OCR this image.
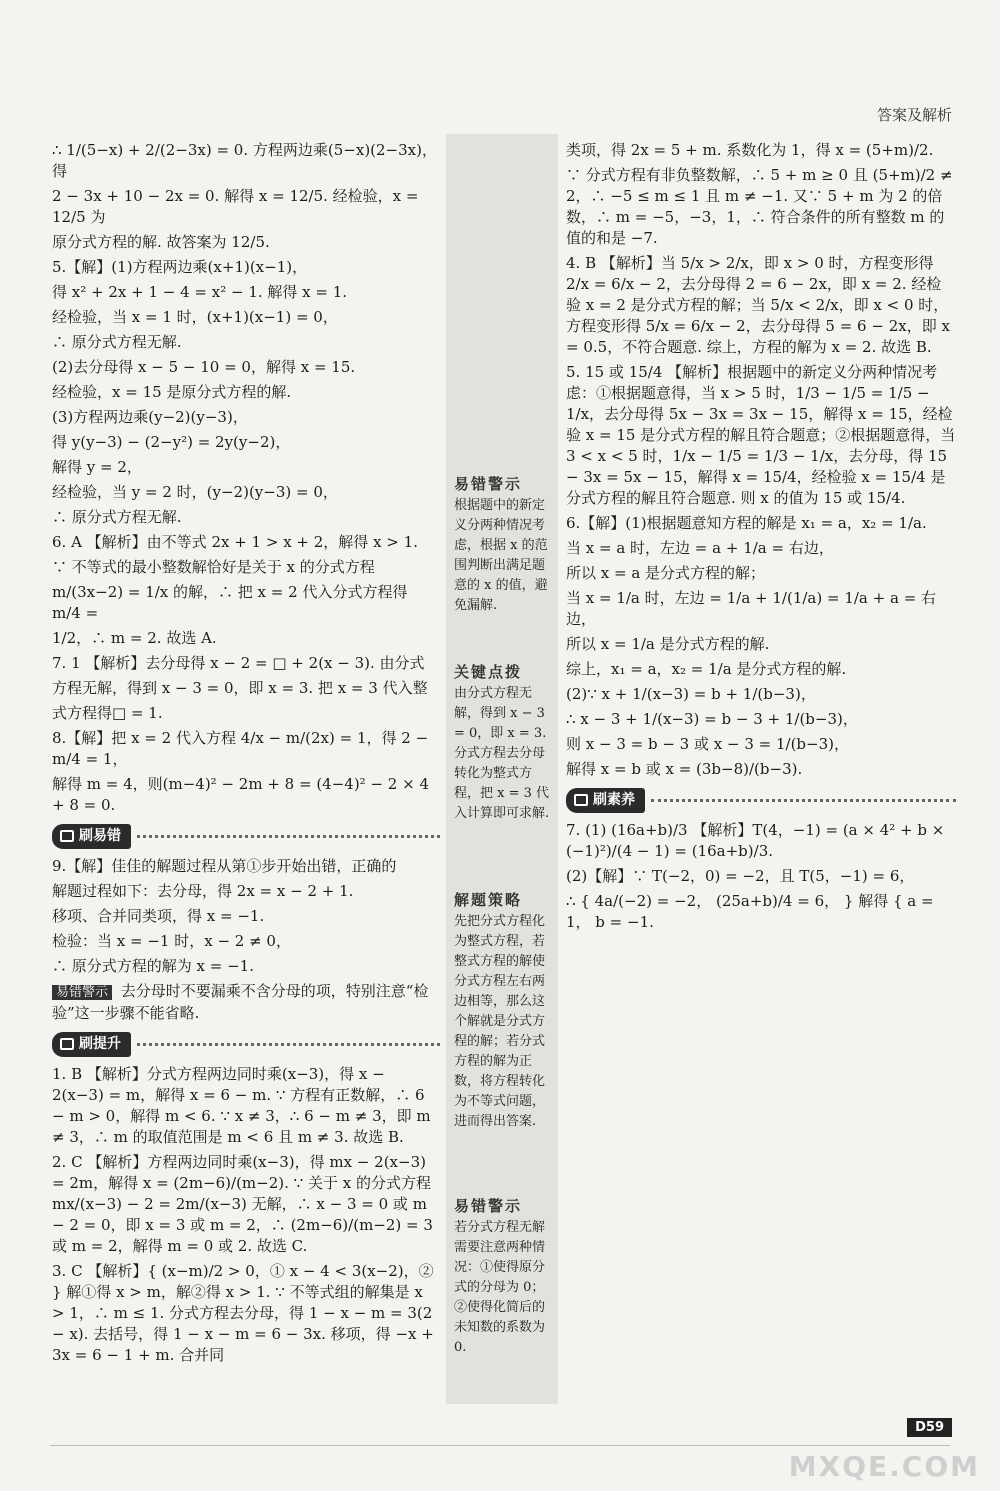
答案及解析
∴ 1/(5−x) + 2/(2−3x) = 0. 方程两边乘(5−x)(2−3x)，得
2 − 3x + 10 − 2x = 0. 解得 x = 12/5. 经检验，x = 12/5 为
原分式方程的解. 故答案为 12/5.
5.【解】(1)方程两边乘(x+1)(x−1)，
得 x² + 2x + 1 − 4 = x² − 1. 解得 x = 1.
经检验，当 x = 1 时，(x+1)(x−1) = 0，
∴ 原分式方程无解.
(2)去分母得 x − 5 − 10 = 0，解得 x = 15.
经检验，x = 15 是原分式方程的解.
(3)方程两边乘(y−2)(y−3)，
得 y(y−3) − (2−y²) = 2y(y−2)，
解得 y = 2，
经检验，当 y = 2 时，(y−2)(y−3) = 0，
∴ 原分式方程无解.
6. A 【解析】由不等式 2x + 1 > x + 2，解得 x > 1.
∵ 不等式的最小整数解恰好是关于 x 的分式方程
m/(3x−2) = 1/x 的解，∴ 把 x = 2 代入分式方程得 m/4 =
1/2，∴ m = 2. 故选 A.
7. 1 【解析】去分母得 x − 2 = □ + 2(x − 3). 由分式
方程无解，得到 x − 3 = 0，即 x = 3. 把 x = 3 代入整
式方程得□ = 1.
8.【解】把 x = 2 代入方程 4/x − m/(2x) = 1，得 2 − m/4 = 1，
解得 m = 4，则(m−4)² − 2m + 8 = (4−4)² − 2 × 4 + 8 = 0.
刷易错
9.【解】佳佳的解题过程从第①步开始出错，正确的
解题过程如下：去分母，得 2x = x − 2 + 1.
移项、合并同类项，得 x = −1.
检验：当 x = −1 时，x − 2 ≠ 0，
∴ 原分式方程的解为 x = −1.
易错警示 去分母时不要漏乘不含分母的项，特别注意“检验”这一步骤不能省略.
刷提升
1. B 【解析】分式方程两边同时乘(x−3)，得 x − 2(x−3) = m，解得 x = 6 − m. ∵ 方程有正数解，∴ 6 − m > 0，解得 m < 6. ∵ x ≠ 3，∴ 6 − m ≠ 3，即 m ≠ 3，∴ m 的取值范围是 m < 6 且 m ≠ 3. 故选 B.
2. C 【解析】方程两边同时乘(x−3)，得 mx − 2(x−3) = 2m，解得 x = (2m−6)/(m−2). ∵ 关于 x 的分式方程 mx/(x−3) − 2 = 2m/(x−3) 无解，∴ x − 3 = 0 或 m − 2 = 0，即 x = 3 或 m = 2，∴ (2m−6)/(m−2) = 3 或 m = 2，解得 m = 0 或 2. 故选 C.
3. C 【解析】{ (x−m)/2 > 0，① x − 4 < 3(x−2)，② } 解①得 x > m，解②得 x > 1. ∵ 不等式组的解集是 x > 1，∴ m ≤ 1. 分式方程去分母，得 1 − x − m = 3(2 − x). 去括号，得 1 − x − m = 6 − 3x. 移项，得 −x + 3x = 6 − 1 + m. 合并同
易错警示
根据题中的新定义分两种情况考虑，根据 x 的范围判断出满足题意的 x 的值，避免漏解.
关键点拨
由分式方程无解，得到 x − 3 = 0，即 x = 3. 分式方程去分母转化为整式方程，把 x = 3 代入计算即可求解.
解题策略
先把分式方程化为整式方程，若整式方程的解使分式方程左右两边相等，那么这个解就是分式方程的解；若分式方程的解为正数，将方程转化为不等式问题，进而得出答案.
易错警示
若分式方程无解需要注意两种情况：①使得原分式的分母为 0；②使得化简后的未知数的系数为 0.
类项，得 2x = 5 + m. 系数化为 1，得 x = (5+m)/2.
∵ 分式方程有非负整数解，∴ 5 + m ≥ 0 且 (5+m)/2 ≠ 2，∴ −5 ≤ m ≤ 1 且 m ≠ −1. 又∵ 5 + m 为 2 的倍数，∴ m = −5，−3，1，∴ 符合条件的所有整数 m 的值的和是 −7.
4. B 【解析】当 5/x > 2/x，即 x > 0 时，方程变形得 2/x = 6/x − 2，去分母得 2 = 6 − 2x，即 x = 2. 经检验 x = 2 是分式方程的解；当 5/x < 2/x，即 x < 0 时，方程变形得 5/x = 6/x − 2，去分母得 5 = 6 − 2x，即 x = 0.5，不符合题意. 综上，方程的解为 x = 2. 故选 B.
5. 15 或 15/4 【解析】根据题中的新定义分两种情况考虑：①根据题意得，当 x > 5 时，1/3 − 1/5 = 1/5 − 1/x，去分母得 5x − 3x = 3x − 15，解得 x = 15，经检验 x = 15 是分式方程的解且符合题意；②根据题意得，当 3 < x < 5 时，1/x − 1/5 = 1/3 − 1/x，去分母，得 15 − 3x = 5x − 15，解得 x = 15/4，经检验 x = 15/4 是分式方程的解且符合题意. 则 x 的值为 15 或 15/4.
6.【解】(1)根据题意知方程的解是 x₁ = a，x₂ = 1/a.
当 x = a 时，左边 = a + 1/a = 右边，
所以 x = a 是分式方程的解；
当 x = 1/a 时，左边 = 1/a + 1/(1/a) = 1/a + a = 右边，
所以 x = 1/a 是分式方程的解.
综上，x₁ = a，x₂ = 1/a 是分式方程的解.
(2)∵ x + 1/(x−3) = b + 1/(b−3)，
∴ x − 3 + 1/(x−3) = b − 3 + 1/(b−3)，
则 x − 3 = b − 3 或 x − 3 = 1/(b−3)，
解得 x = b 或 x = (3b−8)/(b−3).
刷素养
7. (1) (16a+b)/3 【解析】T(4，−1) = (a × 4² + b × (−1)²)/(4 − 1) = (16a+b)/3.
(2)【解】∵ T(−2，0) = −2，且 T(5，−1) = 6，
∴ { 4a/(−2) = −2， (25a+b)/4 = 6， } 解得 { a = 1， b = −1.
D59
MXQE.COM
